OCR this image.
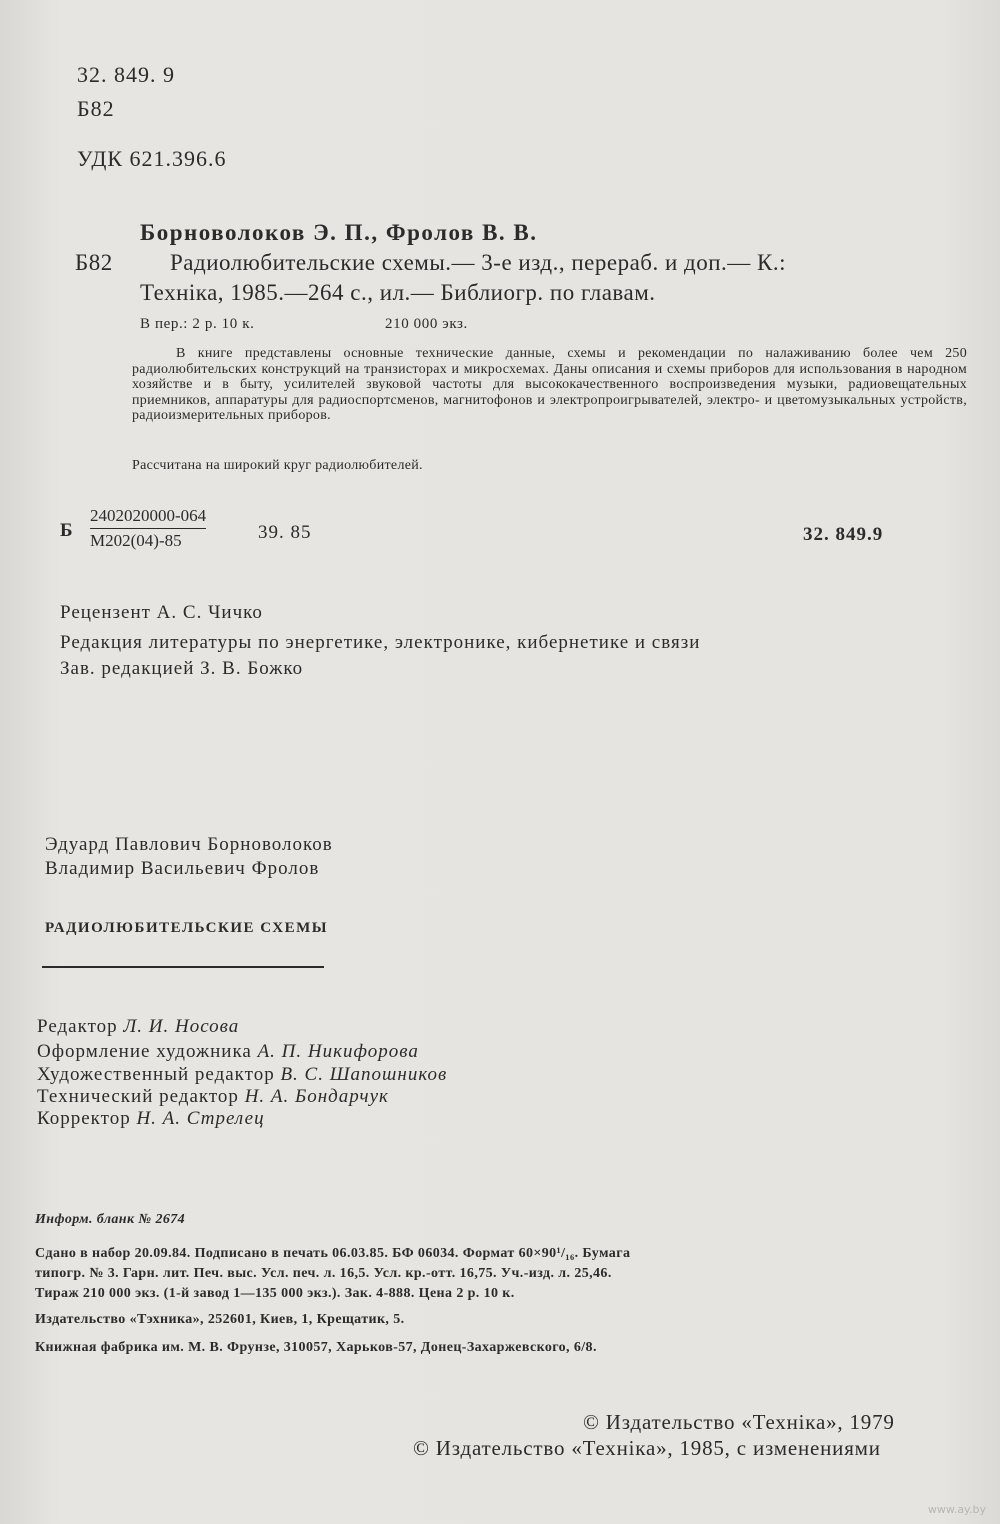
32. 849. 9
Б82
УДК 621.396.6
Борноволоков Э. П., Фролов В. В.
Б82 Радиолюбительские схемы.— 3-е изд., перераб. и доп.— К.:
Техніка, 1985.—264 с., ил.— Библиогр. по главам.
В пер.: 2 р. 10 к.	210 000 экз.
В книге представлены основные технические данные, схемы и рекомендации по налаживанию более чем 250 радиолюбительских конструкций на транзисторах и микросхемах. Даны описания и схемы приборов для использования в народном хозяйстве и в быту, усилителей звуковой частоты для высококачественного воспроизведения музыки, радиовещательных приемников, аппаратуры для радиоспортсменов, магнитофонов и электропроигрывателей, электро- и цветомузыкальных устройств, радиоизмерительных приборов.
Рассчитана на широкий круг радиолюбителей.
Б
2402020000-064
М202(04)-85	39. 85	32. 849.9
Рецензент А. С. Чичко
Редакция литературы по энергетике, электронике, кибернетике и связи
Зав. редакцией З. В. Божко
Эдуард Павлович Борноволоков
Владимир Васильевич Фролов
РАДИОЛЮБИТЕЛЬСКИЕ СХЕМЫ
Редактор Л. И. Носова
Оформление художника А. П. Никифорова
Художественный редактор В. С. Шапошников
Технический редактор Н. А. Бондарчук
Корректор Н. А. Стрелец
Информ. бланк № 2674
Сдано в набор 20.09.84. Подписано в печать 06.03.85. БФ 06034. Формат 60×90¹/₁₆. Бумага
типогр. № 3. Гарн. лит. Печ. выс. Усл. печ. л. 16,5. Усл. кр.-отт. 16,75. Уч.-изд. л. 25,46.
Тираж 210 000 экз. (1-й завод 1—135 000 экз.). Зак. 4-888. Цена 2 р. 10 к.
Издательство «Тэхника», 252601, Киев, 1, Крещатик, 5.
Книжная фабрика им. М. В. Фрунзе, 310057, Харьков-57, Донец-Захаржевского, 6/8.
© Издательство «Техніка», 1979
© Издательство «Техніка», 1985, с изменениями
www.ay.by
